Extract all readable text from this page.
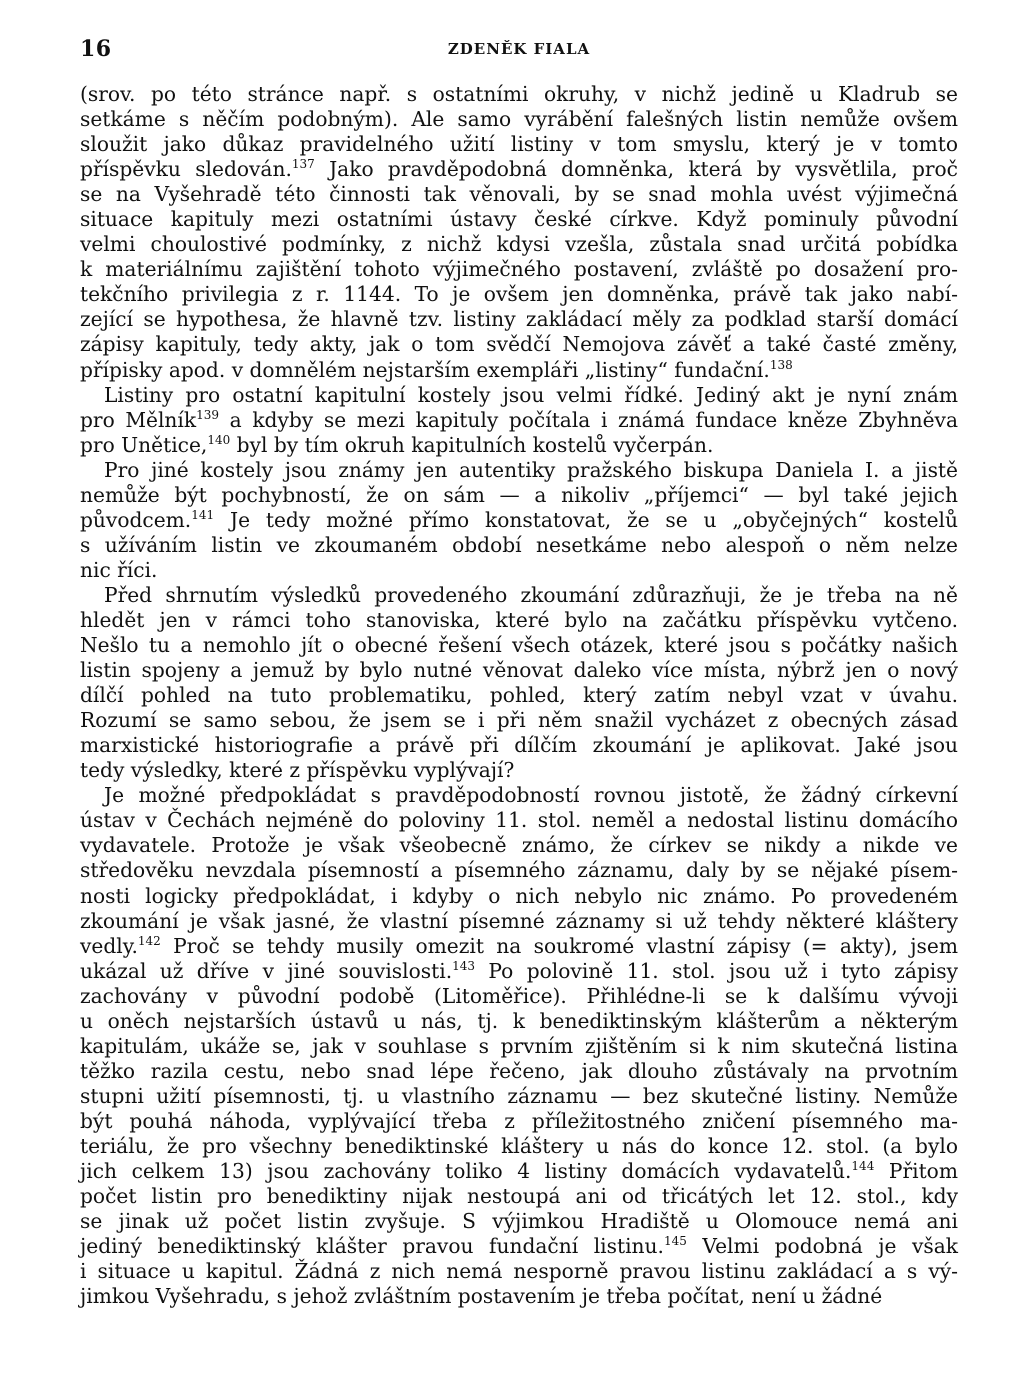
16	ZDENĚK FIALA
(srov. po této stránce např. s ostatními okruhy, v nichž jedině u Kladrub se
setkáme s něčím podobným). Ale samo vyrábění falešných listin nemůže ovšem
sloužit jako důkaz pravidelného užití listiny v tom smyslu, který je v tomto
příspěvku sledován.$^{137}$ Jako pravděpodobná domněnka, která by vysvětlila, proč
se na Vyšehradě této činnosti tak věnovali, by se snad mohla uvést výjimečná
situace kapituly mezi ostatními ústavy české církve. Když pominuly původní
velmi choulostivé podmínky, z nichž kdysi vzešla, zůstala snad určitá pobídka
k materiálnímu zajištění tohoto výjimečného postavení, zvláště po dosažení pro-
tekčního privilegia z r. 1144. To je ovšem jen domněnka, právě tak jako nabí-
zející se hypothesa, že hlavně tzv. listiny zakládací měly za podklad starší domácí
zápisy kapituly, tedy akty, jak o tom svědčí Nemojova závěť a také časté změny,
přípisky apod. v domnělém nejstarším exempláři „listiny“ fundační.$^{138}$
Listiny pro ostatní kapitulní kostely jsou velmi řídké. Jediný akt je nyní znám
pro Mělník$^{139}$ a kdyby se mezi kapituly počítala i známá fundace kněze Zbyhněva
pro Unětice,$^{140}$ byl by tím okruh kapitulních kostelů vyčerpán.
Pro jiné kostely jsou známy jen autentiky pražského biskupa Daniela I. a jistě
nemůže být pochybností, že on sám — a nikoliv „příjemci“ — byl také jejich
původcem.$^{141}$ Je tedy možné přímo konstatovat, že se u „obyčejných“ kostelů
s užíváním listin ve zkoumaném období nesetkáme nebo alespoň o něm nelze
nic říci.
Před shrnutím výsledků provedeného zkoumání zdůrazňuji, že je třeba na ně
hledět jen v rámci toho stanoviska, které bylo na začátku příspěvku vytčeno.
Nešlo tu a nemohlo jít o obecné řešení všech otázek, které jsou s počátky našich
listin spojeny a jemuž by bylo nutné věnovat daleko více místa, nýbrž jen o nový
dílčí pohled na tuto problematiku, pohled, který zatím nebyl vzat v úvahu.
Rozumí se samo sebou, že jsem se i při něm snažil vycházet z obecných zásad
marxistické historiografie a právě při dílčím zkoumání je aplikovat. Jaké jsou
tedy výsledky, které z příspěvku vyplývají?
Je možné předpokládat s pravděpodobností rovnou jistotě, že žádný církevní
ústav v Čechách nejméně do poloviny 11. stol. neměl a nedostal listinu domácího
vydavatele. Protože je však všeobecně známo, že církev se nikdy a nikde ve
středověku nevzdala písemností a písemného záznamu, daly by se nějaké písem-
nosti logicky předpokládat, i kdyby o nich nebylo nic známo. Po provedeném
zkoumání je však jasné, že vlastní písemné záznamy si už tehdy některé kláštery
vedly.$^{142}$ Proč se tehdy musily omezit na soukromé vlastní zápisy (= akty), jsem
ukázal už dříve v jiné souvislosti.$^{143}$ Po polovině 11. stol. jsou už i tyto zápisy
zachovány v původní podobě (Litoměřice). Přihlédne-li se k dalšímu vývoji
u oněch nejstarších ústavů u nás, tj. k benediktinským klášterům a některým
kapitulám, ukáže se, jak v souhlase s prvním zjištěním si k nim skutečná listina
těžko razila cestu, nebo snad lépe řečeno, jak dlouho zůstávaly na prvotním
stupni užití písemnosti, tj. u vlastního záznamu — bez skutečné listiny. Nemůže
být pouhá náhoda, vyplývající třeba z příležitostného zničení písemného ma-
teriálu, že pro všechny benediktinské kláštery u nás do konce 12. stol. (a bylo
jich celkem 13) jsou zachovány toliko 4 listiny domácích vydavatelů.$^{144}$ Přitom
počet listin pro benediktiny nijak nestoupá ani od třicátých let 12. stol., kdy
se jinak už počet listin zvyšuje. S výjimkou Hradiště u Olomouce nemá ani
jediný benediktinský klášter pravou fundační listinu.$^{145}$ Velmi podobná je však
i situace u kapitul. Žádná z nich nemá nesporně pravou listinu zakládací a s vý-
jimkou Vyšehradu, s jehož zvláštním postavením je třeba počítat, není u žádné
